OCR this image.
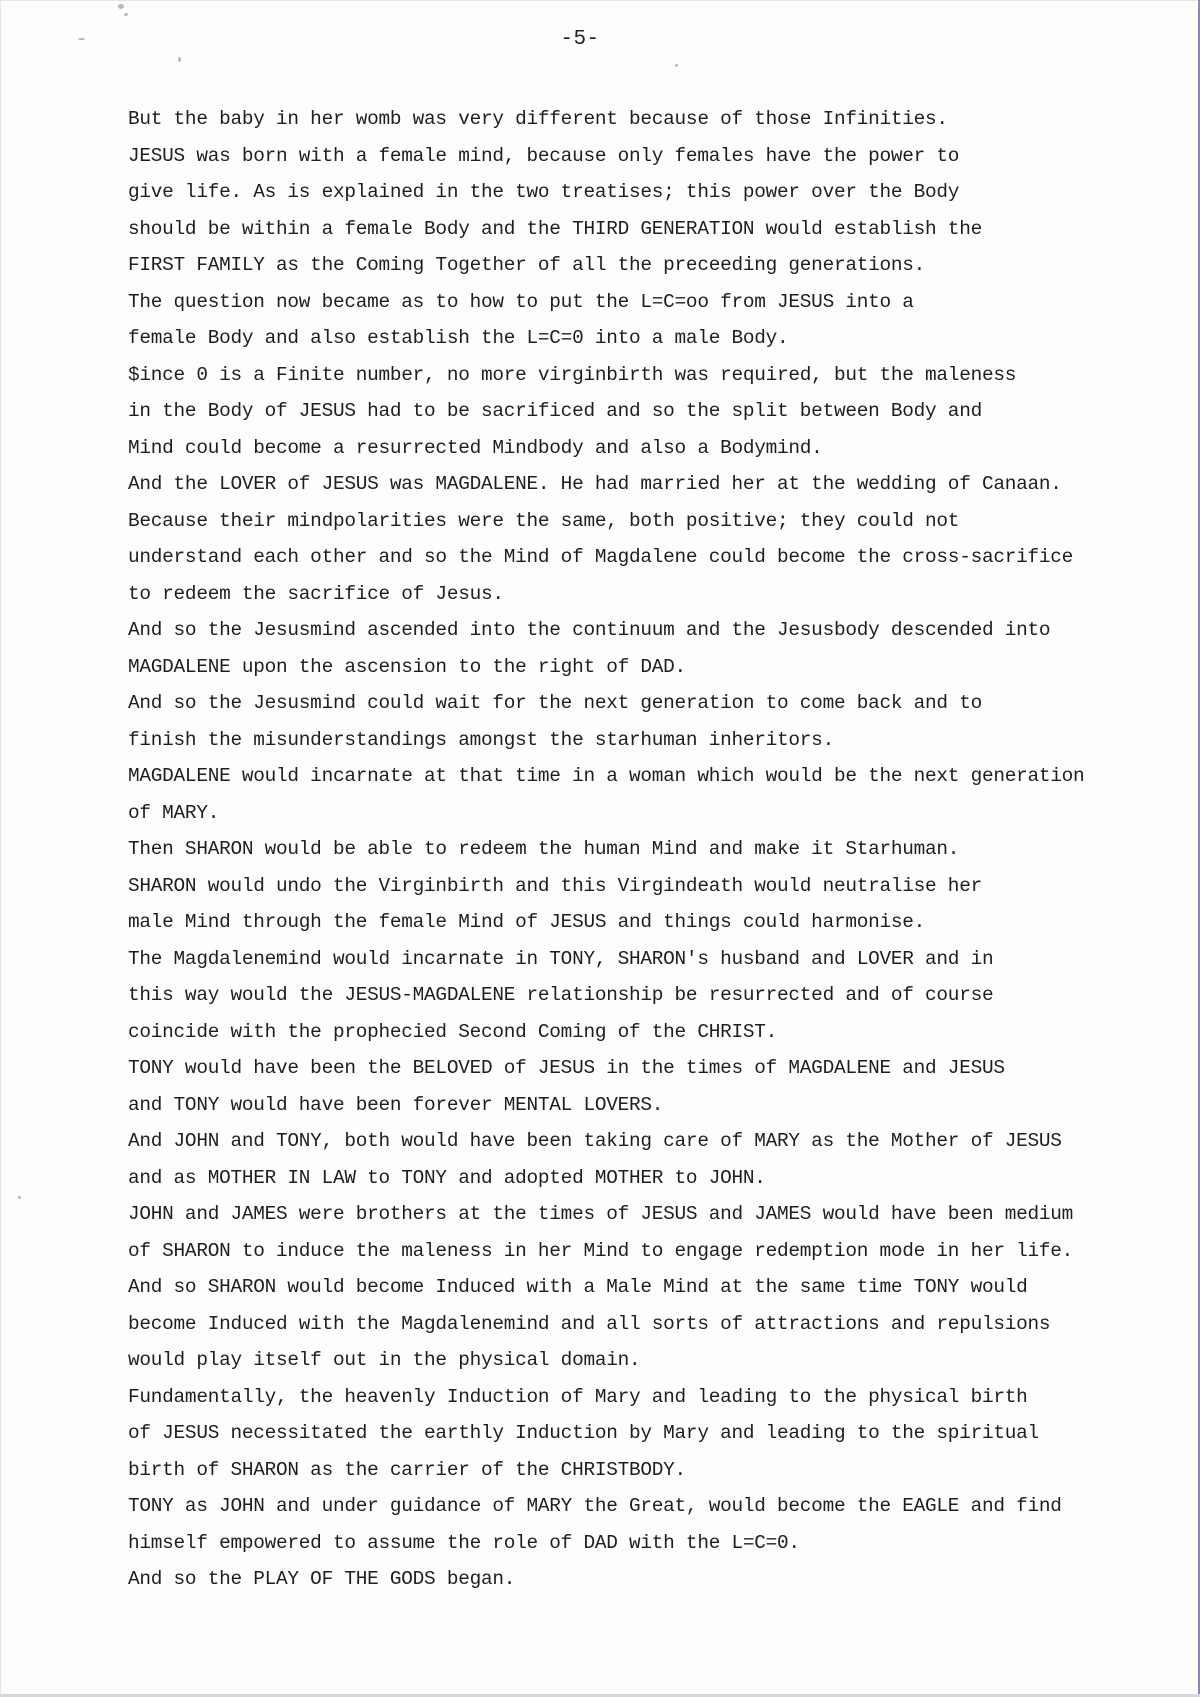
-5-
But the baby in her womb was very different because of those Infinities.
JESUS was born with a female mind, because only females have the power to
give life. As is explained in the two treatises; this power over the Body
should be within a female Body and the THIRD GENERATION would establish the
FIRST FAMILY as the Coming Together of all the preceeding generations.
The question now became as to how to put the L=C=oo from JESUS into a
female Body and also establish the L=C=0 into a male Body.
$ince 0 is a Finite number, no more virginbirth was required, but the maleness
in the Body of JESUS had to be sacrificed and so the split between Body and
Mind could become a resurrected Mindbody and also a Bodymind.
And the LOVER of JESUS was MAGDALENE. He had married her at the wedding of Canaan.
Because their mindpolarities were the same, both positive; they could not
understand each other and so the Mind of Magdalene could become the cross-sacrifice
to redeem the sacrifice of Jesus.
And so the Jesusmind ascended into the continuum and the Jesusbody descended into
MAGDALENE upon the ascension to the right of DAD.
And so the Jesusmind could wait for the next generation to come back and to
finish the misunderstandings amongst the starhuman inheritors.
MAGDALENE would incarnate at that time in a woman which would be the next generation
of MARY.
Then SHARON would be able to redeem the human Mind and make it Starhuman.
SHARON would undo the Virginbirth and this Virgindeath would neutralise her
male Mind through the female Mind of JESUS and things could harmonise.
The Magdalenemind would incarnate in TONY, SHARON's husband and LOVER and in
this way would the JESUS-MAGDALENE relationship be resurrected and of course
coincide with the prophecied Second Coming of the CHRIST.
TONY would have been the BELOVED of JESUS in the times of MAGDALENE and JESUS
and TONY would have been forever MENTAL LOVERS.
And JOHN and TONY, both would have been taking care of MARY as the Mother of JESUS
and as MOTHER IN LAW to TONY and adopted MOTHER to JOHN.
JOHN and JAMES were brothers at the times of JESUS and JAMES would have been medium
of SHARON to induce the maleness in her Mind to engage redemption mode in her life.
And so SHARON would become Induced with a Male Mind at the same time TONY would
become Induced with the Magdalenemind and all sorts of attractions and repulsions
would play itself out in the physical domain.
Fundamentally, the heavenly Induction of Mary and leading to the physical birth
of JESUS necessitated the earthly Induction by Mary and leading to the spiritual
birth of SHARON as the carrier of the CHRISTBODY.
TONY as JOHN and under guidance of MARY the Great, would become the EAGLE and find
himself empowered to assume the role of DAD with the L=C=0.
And so the PLAY OF THE GODS began.
